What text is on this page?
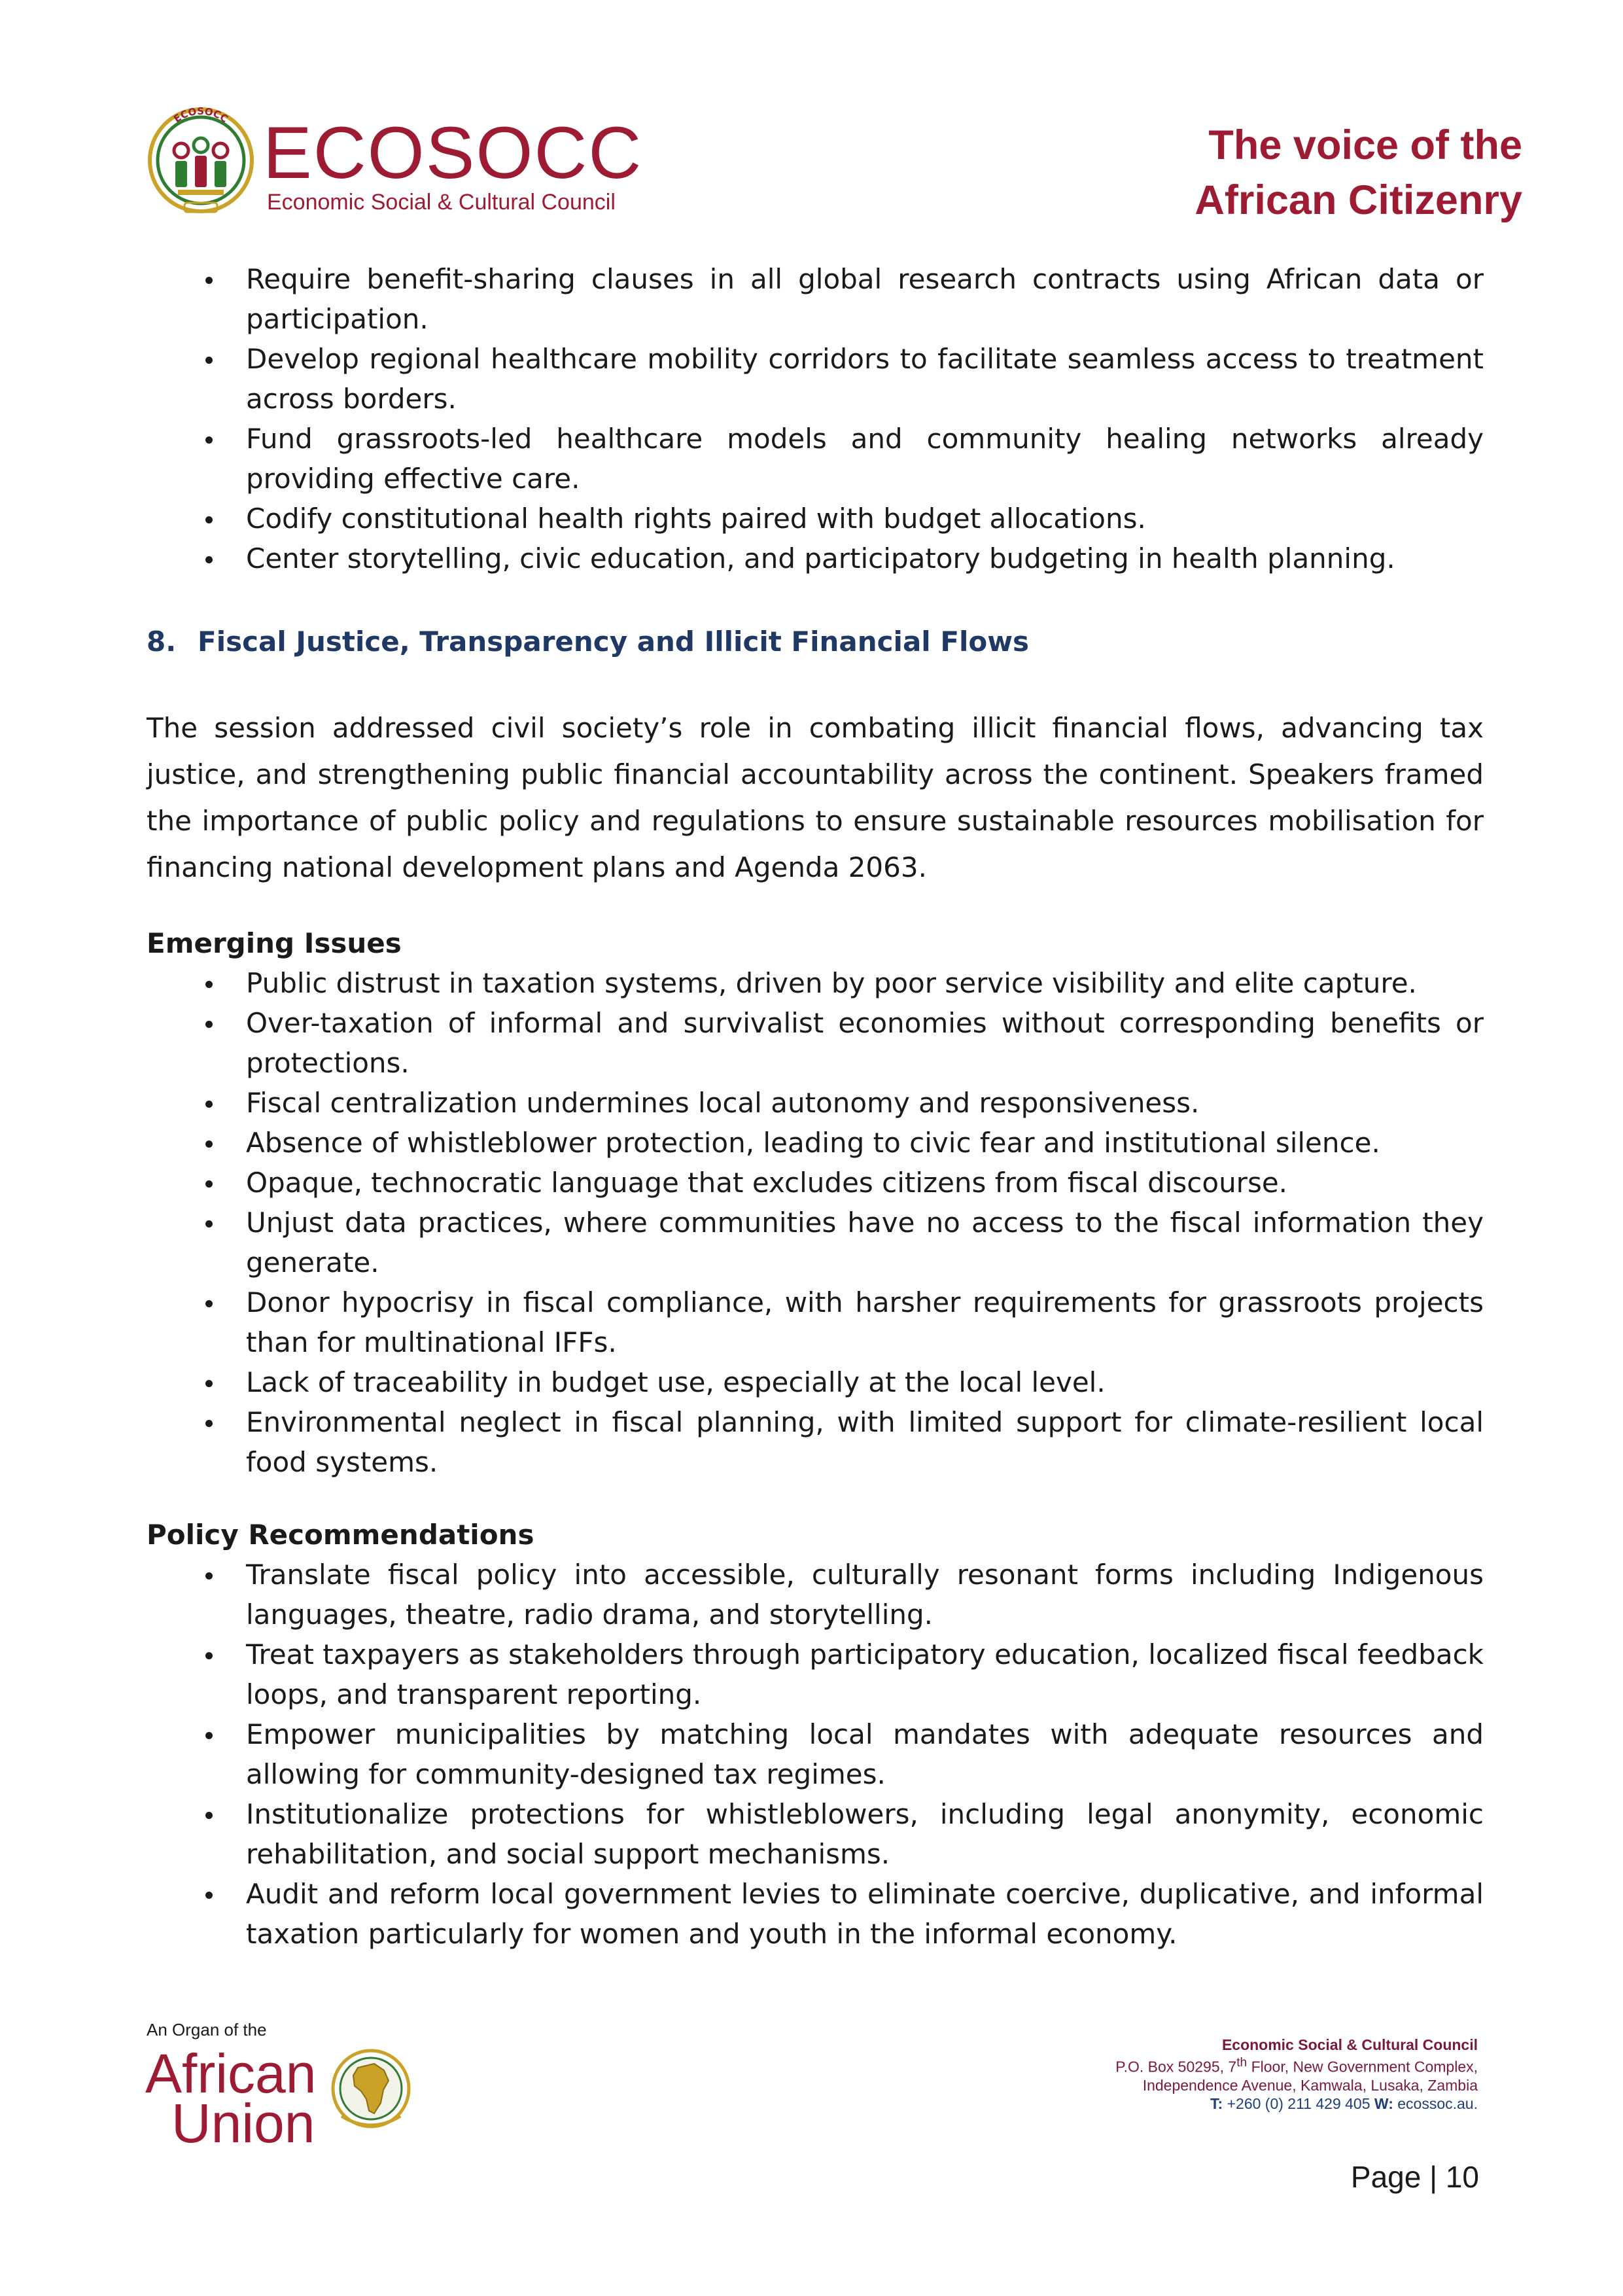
ECOSOCC ECOSOCC
Economic Social & Cultural Council
The voice of the
African Citizenry
Require benefit-sharing clauses in all global research contracts using African data or participation.
Develop regional healthcare mobility corridors to facilitate seamless access to treatment across borders.
Fund grassroots-led healthcare models and community healing networks already providing effective care.
Codify constitutional health rights paired with budget allocations.
Center storytelling, civic education, and participatory budgeting in health planning.
8. Fiscal Justice, Transparency and Illicit Financial Flows

The session addressed civil society’s role in combating illicit financial flows, advancing tax justice, and strengthening public financial accountability across the continent. Speakers framed the importance of public policy and regulations to ensure sustainable resources mobilisation for financing national development plans and Agenda 2063.

Emerging Issues
Public distrust in taxation systems, driven by poor service visibility and elite capture.
Over-taxation of informal and survivalist economies without corresponding benefits or protections.
Fiscal centralization undermines local autonomy and responsiveness.
Absence of whistleblower protection, leading to civic fear and institutional silence.
Opaque, technocratic language that excludes citizens from fiscal discourse.
Unjust data practices, where communities have no access to the fiscal information they generate.
Donor hypocrisy in fiscal compliance, with harsher requirements for grassroots projects than for multinational IFFs.
Lack of traceability in budget use, especially at the local level.
Environmental neglect in fiscal planning, with limited support for climate-resilient local food systems.
Policy Recommendations
Translate fiscal policy into accessible, culturally resonant forms including Indigenous languages, theatre, radio drama, and storytelling.
Treat taxpayers as stakeholders through participatory education, localized fiscal feedback loops, and transparent reporting.
Empower municipalities by matching local mandates with adequate resources and allowing for community-designed tax regimes.
Institutionalize protections for whistleblowers, including legal anonymity, economic rehabilitation, and social support mechanisms.
Audit and reform local government levies to eliminate coercive, duplicative, and informal taxation particularly for women and youth in the informal economy.
An Organ of the
African
Union
Economic Social & Cultural Council
P.O. Box 50295, 7th Floor, New Government Complex,
Independence Avenue, Kamwala, Lusaka, Zambia
T: +260 (0) 211 429 405 W: ecossoc.au.
Page | 10
